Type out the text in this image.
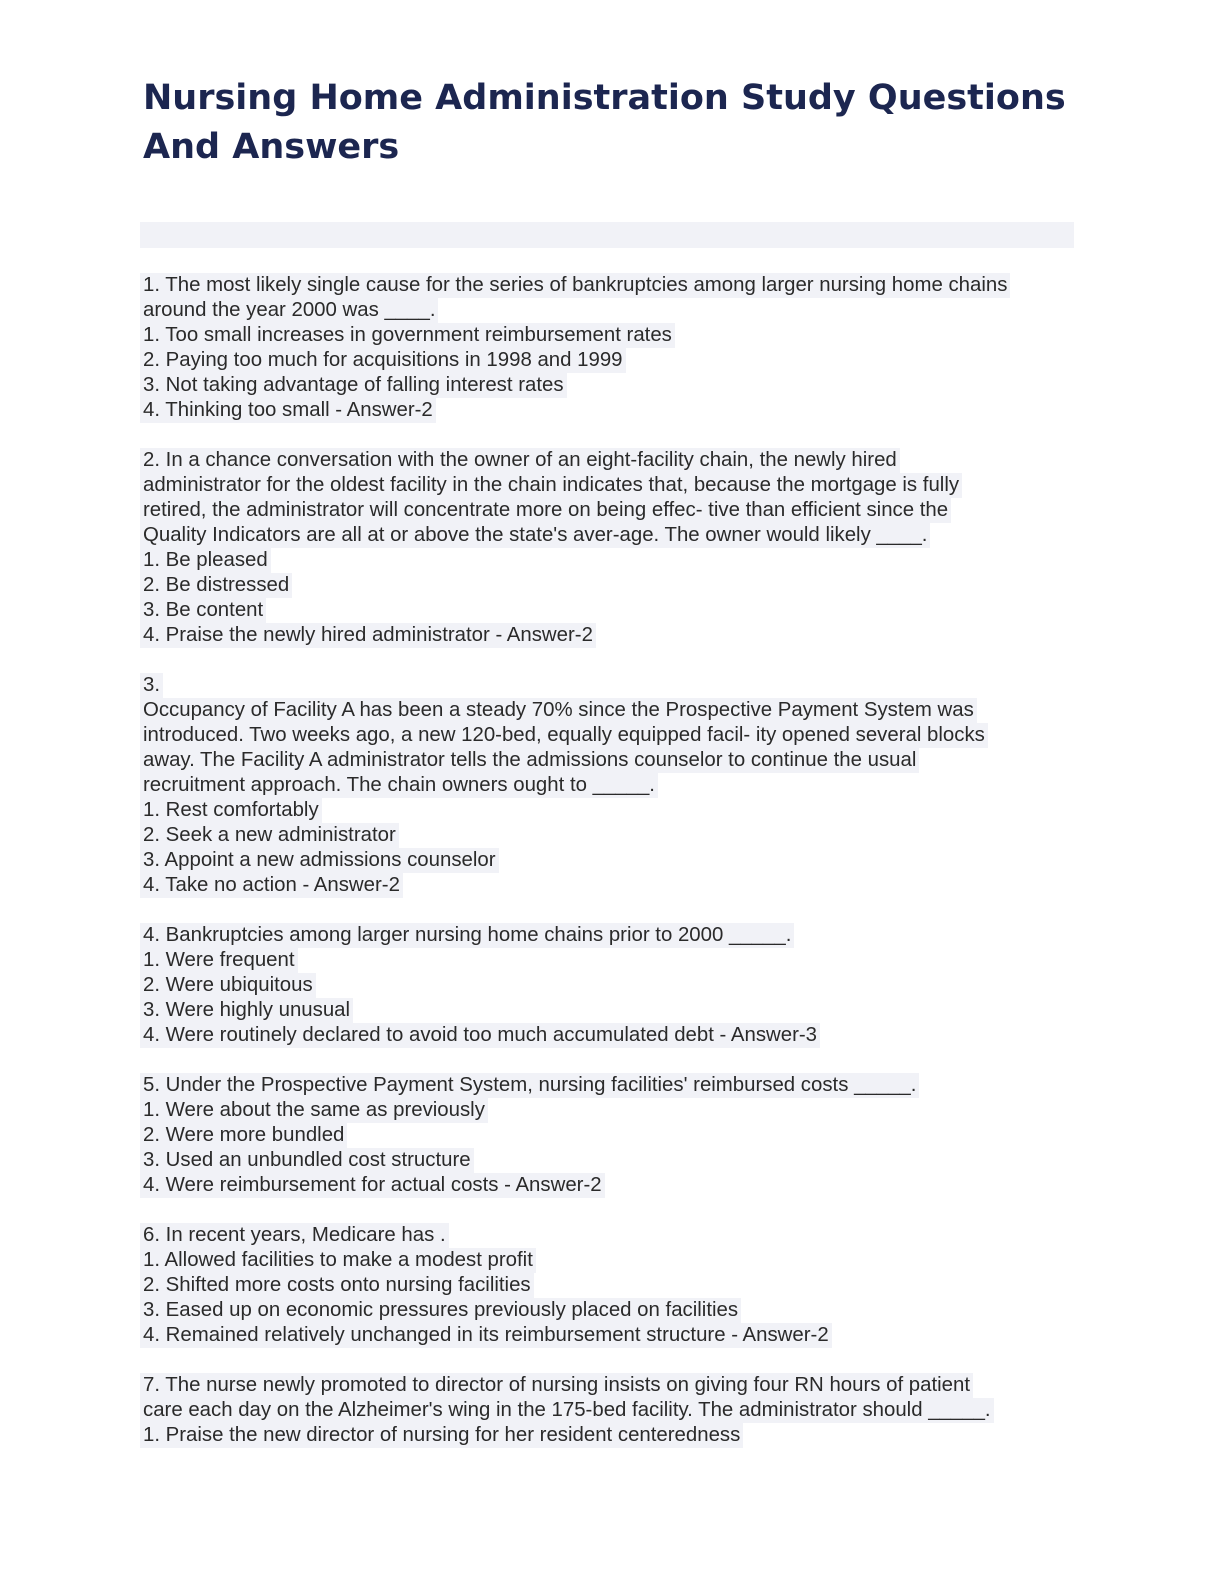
Nursing Home Administration Study Questions And Answers
1. The most likely single cause for the series of bankruptcies among larger nursing home chains
around the year 2000 was ____.
1. Too small increases in government reimbursement rates
2. Paying too much for acquisitions in 1998 and 1999
3. Not taking advantage of falling interest rates
4. Thinking too small - Answer-2
2. In a chance conversation with the owner of an eight-facility chain, the newly hired
administrator for the oldest facility in the chain indicates that, because the mortgage is fully
retired, the administrator will concentrate more on being effec- tive than efficient since the
Quality Indicators are all at or above the state's aver-age. The owner would likely ____.
1. Be pleased
2. Be distressed
3. Be content
4. Praise the newly hired administrator - Answer-2
3.
Occupancy of Facility A has been a steady 70% since the Prospective Payment System was
introduced. Two weeks ago, a new 120-bed, equally equipped facil- ity opened several blocks
away. The Facility A administrator tells the admissions counselor to continue the usual
recruitment approach. The chain owners ought to _____.
1. Rest comfortably
2. Seek a new administrator
3. Appoint a new admissions counselor
4. Take no action - Answer-2
4. Bankruptcies among larger nursing home chains prior to 2000 _____.
1. Were frequent
2. Were ubiquitous
3. Were highly unusual
4. Were routinely declared to avoid too much accumulated debt - Answer-3
5. Under the Prospective Payment System, nursing facilities' reimbursed costs _____.
1. Were about the same as previously
2. Were more bundled
3. Used an unbundled cost structure
4. Were reimbursement for actual costs - Answer-2
6. In recent years, Medicare has .
1. Allowed facilities to make a modest profit
2. Shifted more costs onto nursing facilities
3. Eased up on economic pressures previously placed on facilities
4. Remained relatively unchanged in its reimbursement structure - Answer-2
7. The nurse newly promoted to director of nursing insists on giving four RN hours of patient
care each day on the Alzheimer's wing in the 175-bed facility. The administrator should _____.
1. Praise the new director of nursing for her resident centeredness
